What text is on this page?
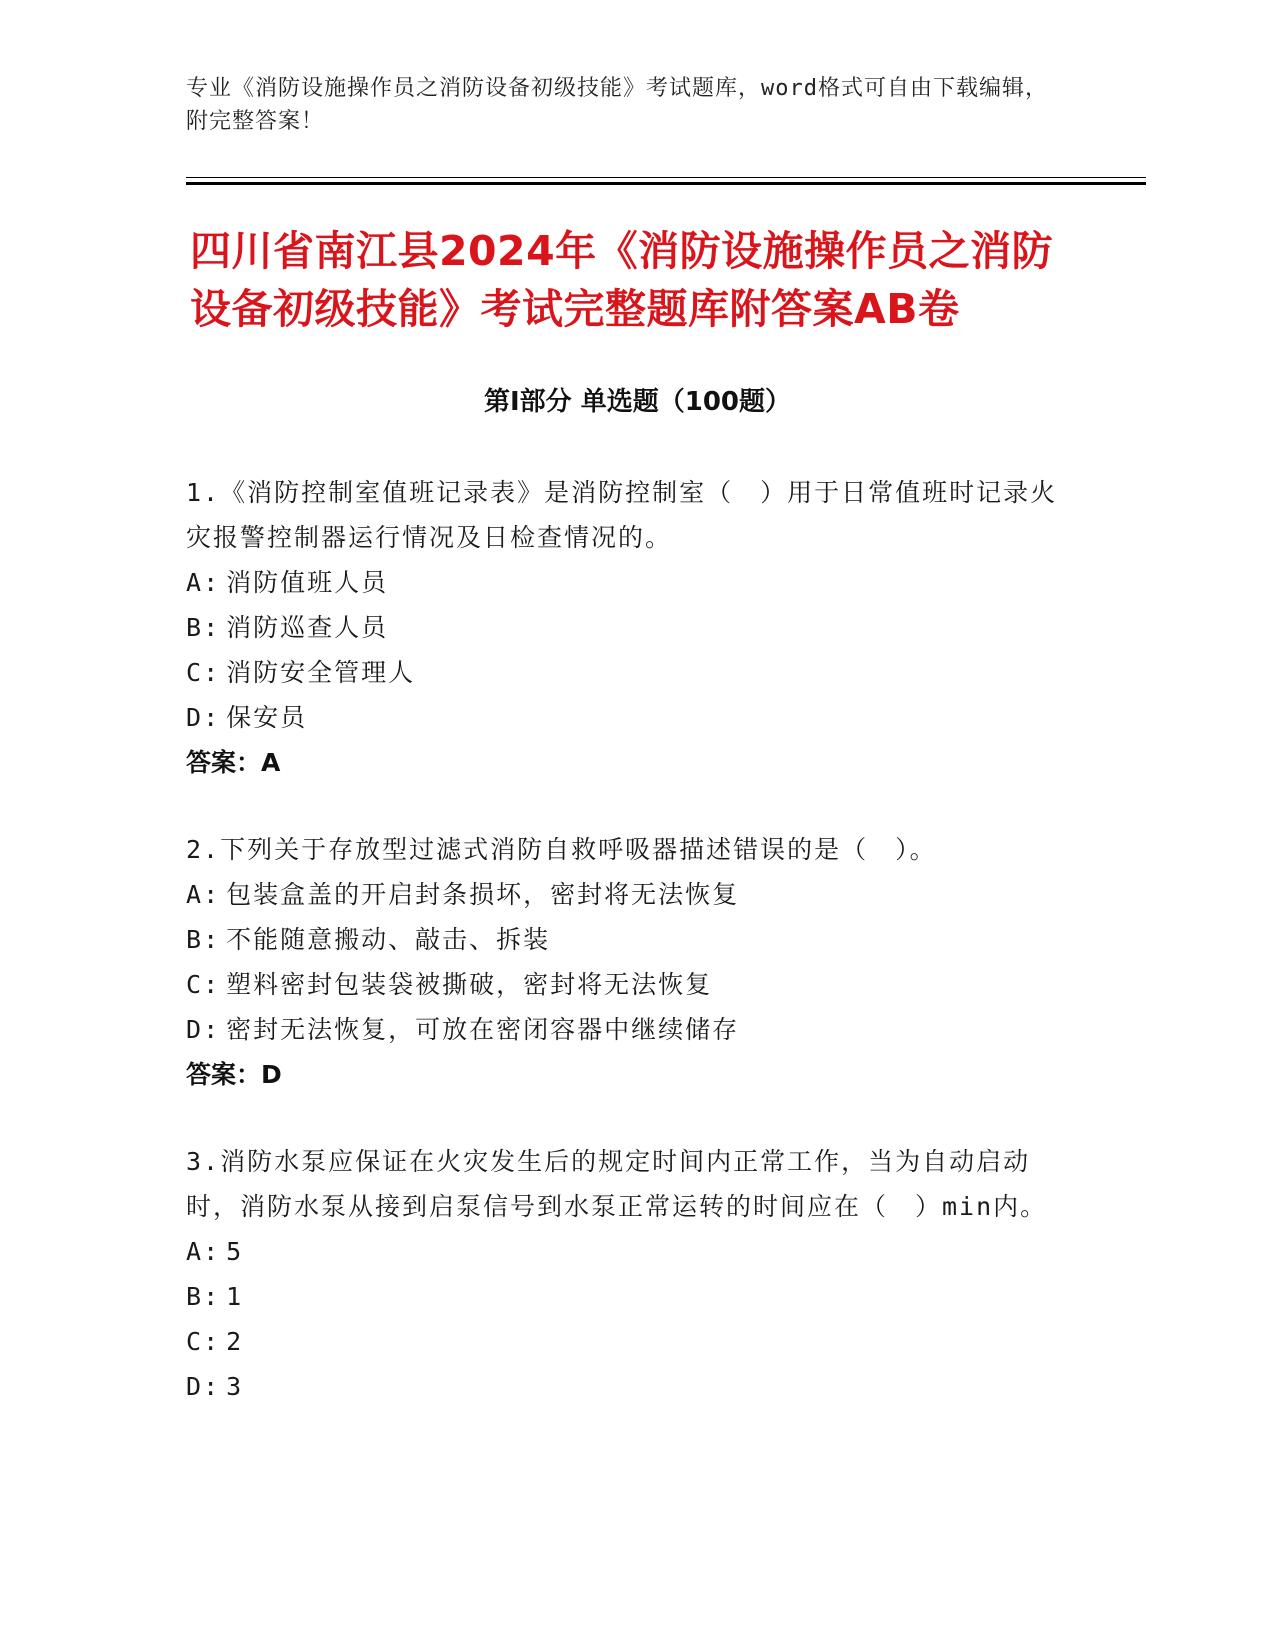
专业《消防设施操作员之消防设备初级技能》考试题库，word格式可自由下载编辑，附完整答案！
四川省南江县2024年《消防设施操作员之消防设备初级技能》考试完整题库附答案AB卷
第I部分 单选题（100题）

1.《消防控制室值班记录表》是消防控制室（　）用于日常值班时记录火灾报警控制器运行情况及日检查情况的。

A: 消防值班人员

B: 消防巡查人员

C: 消防安全管理人

D: 保安员

答案：A

2.下列关于存放型过滤式消防自救呼吸器描述错误的是（　）。

A: 包装盒盖的开启封条损坏，密封将无法恢复

B: 不能随意搬动、敲击、拆装

C: 塑料密封包装袋被撕破，密封将无法恢复

D: 密封无法恢复，可放在密闭容器中继续储存

答案：D

3.消防水泵应保证在火灾发生后的规定时间内正常工作，当为自动启动时，消防水泵从接到启泵信号到水泵正常运转的时间应在（　）min内。

A: 5

B: 1

C: 2

D: 3
